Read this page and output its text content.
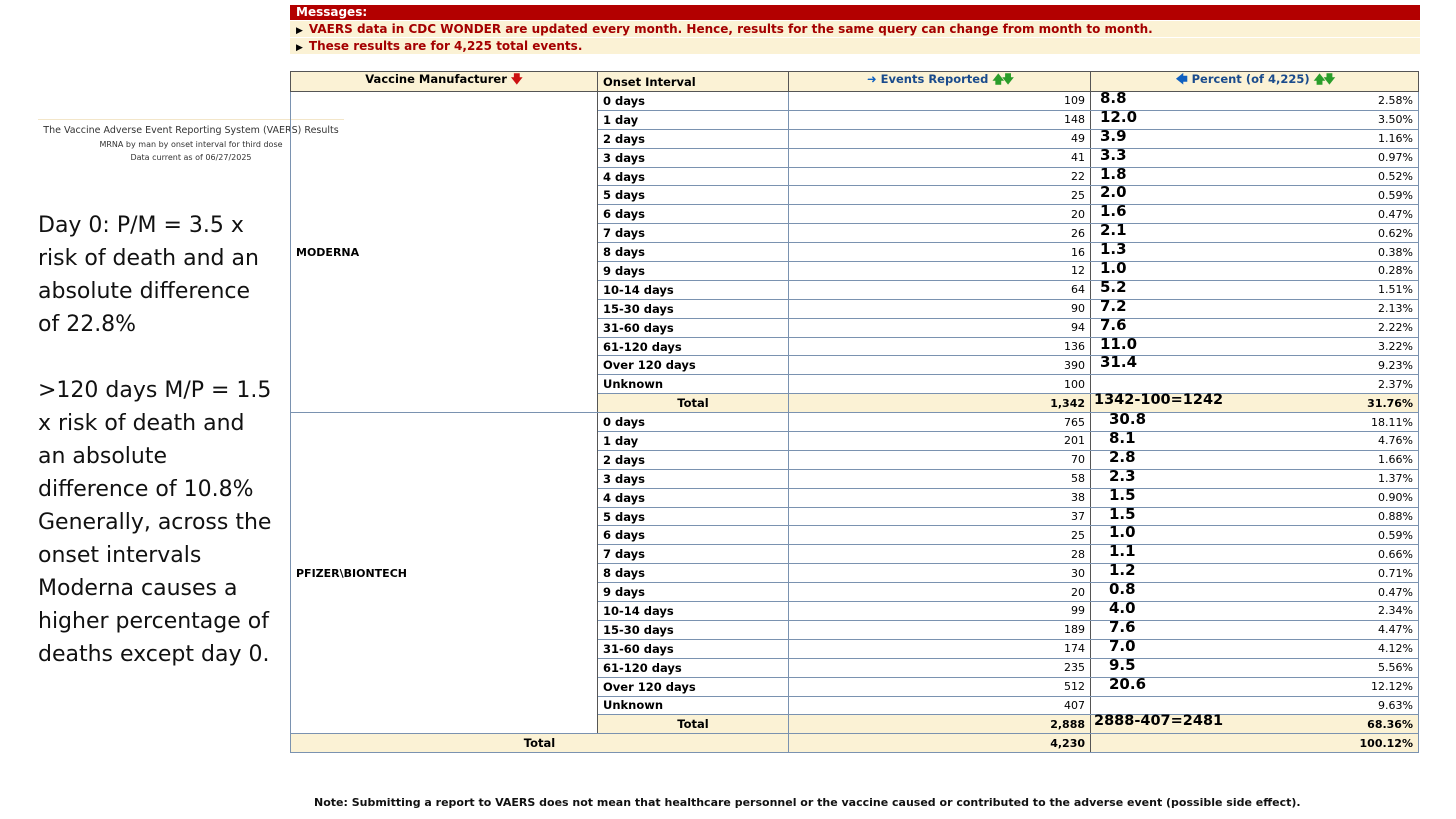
Messages:
▶ VAERS data in CDC WONDER are updated every month. Hence, results for the same query can change from month to month.
▶ These results are for 4,225 total events.
The Vaccine Adverse Event Reporting System (VAERS) Results
MRNA by man by onset interval for third dose
Data current as of 06/27/2025

Day 0: P/M = 3.5 x risk of death and an absolute difference of 22.8%

>120 days M/P = 1.5 x risk of death and an absolute difference of 10.8%

Generally, across the onset intervals Moderna causes a higher percentage of deaths except day 0.

Vaccine Manufacturer 🡇	Onset Interval	➜ Events Reported 🡅🡇	🡄 Percent (of 4,225) 🡅🡇
MODERNA	0 days	109	8.8 2.58%
	1 day	148	12.0 3.50%
	2 days	49	3.9 1.16%
	3 days	41	3.3 0.97%
	4 days	22	1.8 0.52%
	5 days	25	2.0 0.59%
	6 days	20	1.6 0.47%
	7 days	26	2.1 0.62%
	8 days	16	1.3 0.38%
	9 days	12	1.0 0.28%
	10-14 days	64	5.2 1.51%
	15-30 days	90	7.2 2.13%
	31-60 days	94	7.6 2.22%
	61-120 days	136	11.0 3.22%
	Over 120 days	390	31.4 9.23%
	Unknown	100	2.37%
	Total	1,342	1342-100=1242 31.76%
PFIZER\BIONTECH	0 days	765	30.8 18.11%
	1 day	201	8.1 4.76%
	2 days	70	2.8 1.66%
	3 days	58	2.3 1.37%
	4 days	38	1.5 0.90%
	5 days	37	1.5 0.88%
	6 days	25	1.0 0.59%
	7 days	28	1.1 0.66%
	8 days	30	1.2 0.71%
	9 days	20	0.8 0.47%
	10-14 days	99	4.0 2.34%
	15-30 days	189	7.6 4.47%
	31-60 days	174	7.0 4.12%
	61-120 days	235	9.5 5.56%
	Over 120 days	512	20.6 12.12%
	Unknown	407	9.63%
	Total	2,888	2888-407=2481 68.36%
Total		4,230	100.12%
Note: Submitting a report to VAERS does not mean that healthcare personnel or the vaccine caused or contributed to the adverse event (possible side effect).
